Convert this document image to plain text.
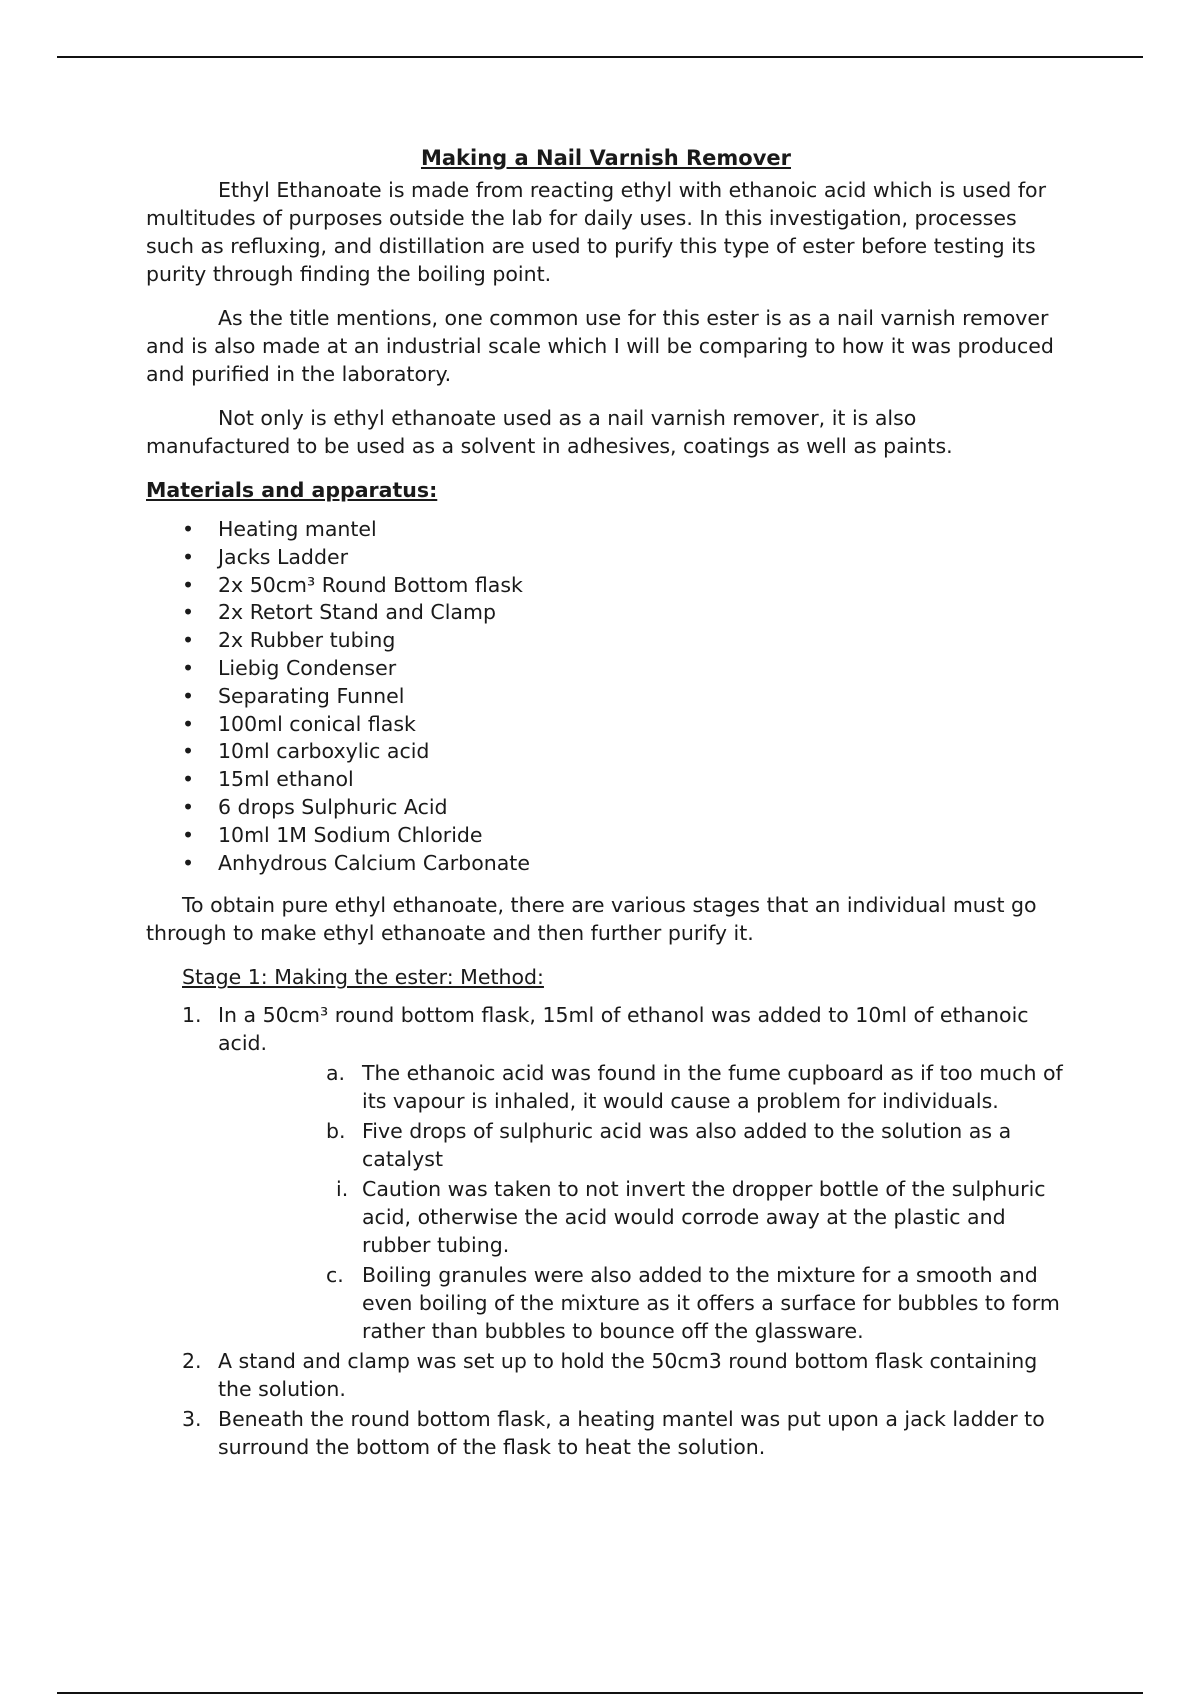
Making a Nail Varnish Remover

Ethyl Ethanoate is made from reacting ethyl with ethanoic acid which is used for multitudes of purposes outside the lab for daily uses. In this investigation, processes such as refluxing, and distillation are used to purify this type of ester before testing its purity through finding the boiling point.

As the title mentions, one common use for this ester is as a nail varnish remover and is also made at an industrial scale which I will be comparing to how it was produced and purified in the laboratory.

Not only is ethyl ethanoate used as a nail varnish remover, it is also manufactured to be used as a solvent in adhesives, coatings as well as paints.

Materials and apparatus:
• Heating mantel
• Jacks Ladder
• 2x 50cm³ Round Bottom flask
• 2x Retort Stand and Clamp
• 2x Rubber tubing
• Liebig Condenser
• Separating Funnel
• 100ml conical flask
• 10ml carboxylic acid
• 15ml ethanol
• 6 drops Sulphuric Acid
• 10ml 1M Sodium Chloride
• Anhydrous Calcium Carbonate

To obtain pure ethyl ethanoate, there are various stages that an individual must go through to make ethyl ethanoate and then further purify it.

Stage 1: Making the ester: Method:
1. In a 50cm³ round bottom flask, 15ml of ethanol was added to 10ml of ethanoic acid.
a. The ethanoic acid was found in the fume cupboard as if too much of its vapour is inhaled, it would cause a problem for individuals.
b. Five drops of sulphuric acid was also added to the solution as a catalyst
i. Caution was taken to not invert the dropper bottle of the sulphuric acid, otherwise the acid would corrode away at the plastic and rubber tubing.
c. Boiling granules were also added to the mixture for a smooth and even boiling of the mixture as it offers a surface for bubbles to form rather than bubbles to bounce off the glassware.
2. A stand and clamp was set up to hold the 50cm3 round bottom flask containing the solution.
3. Beneath the round bottom flask, a heating mantel was put upon a jack ladder to surround the bottom of the flask to heat the solution.
